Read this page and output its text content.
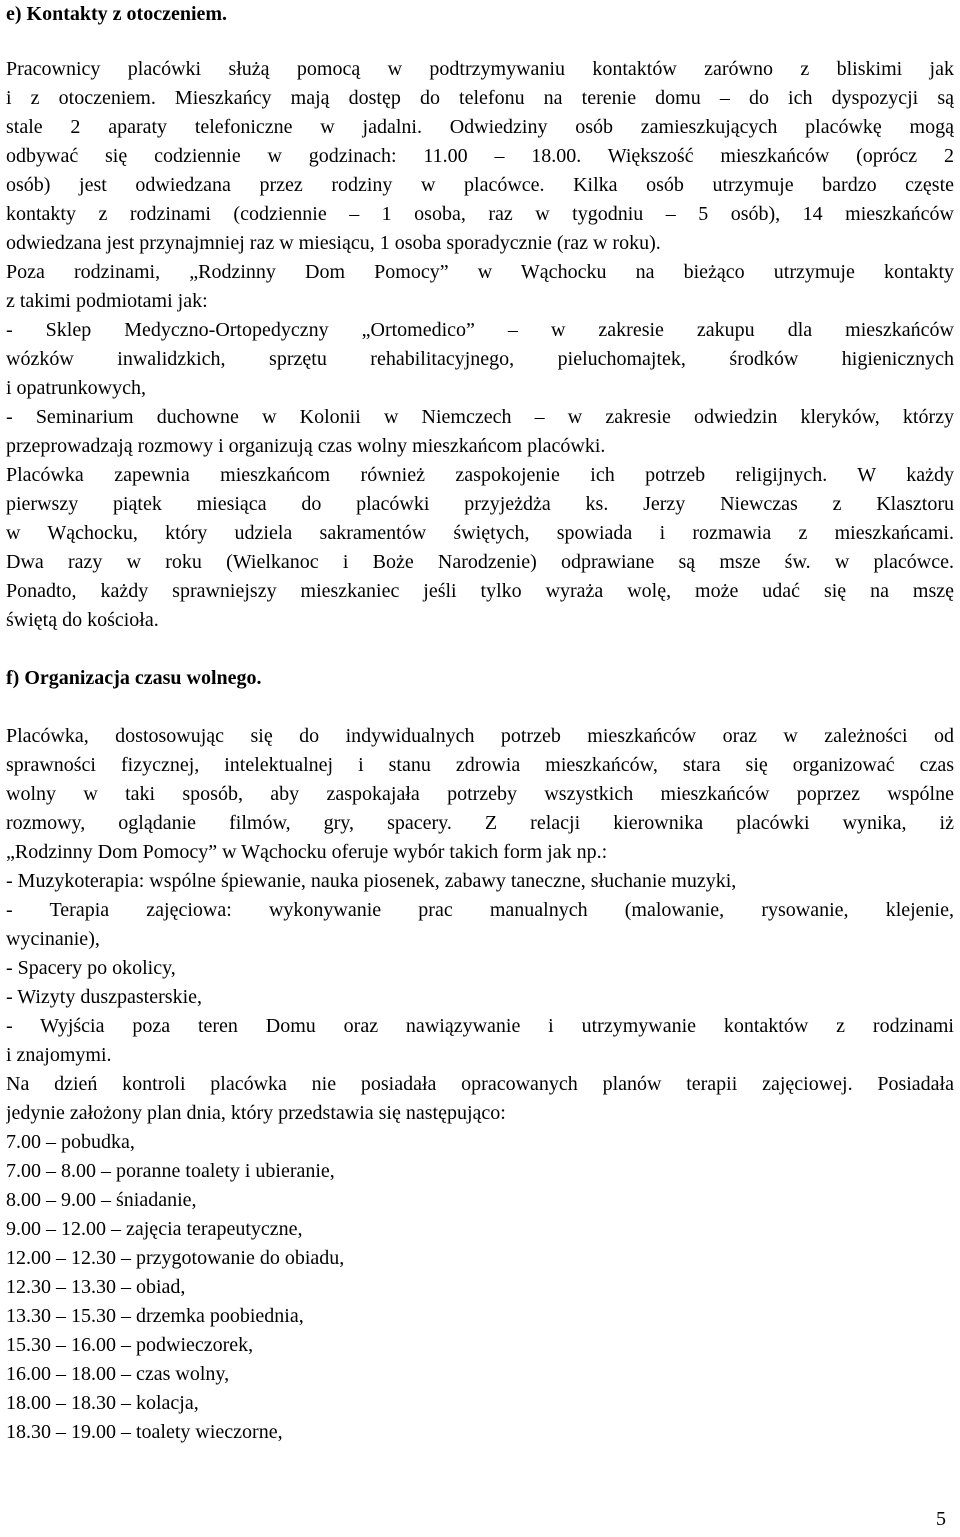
e) Kontakty z otoczeniem.
Pracownicy placówki służą pomocą w podtrzymywaniu kontaktów zarówno z bliskimi jak
i z otoczeniem. Mieszkańcy mają dostęp do telefonu na terenie domu – do ich dyspozycji są
stale 2 aparaty telefoniczne w jadalni. Odwiedziny osób zamieszkujących placówkę mogą
odbywać się codziennie w godzinach: 11.00 – 18.00. Większość mieszkańców (oprócz 2
osób) jest odwiedzana przez rodziny w placówce. Kilka osób utrzymuje bardzo częste
kontakty z rodzinami (codziennie – 1 osoba, raz w tygodniu – 5 osób), 14 mieszkańców
odwiedzana jest przynajmniej raz w miesiącu, 1 osoba sporadycznie (raz w roku).
Poza rodzinami, „Rodzinny Dom Pomocy” w Wąchocku na bieżąco utrzymuje kontakty
z takimi podmiotami jak:
- Sklep Medyczno-Ortopedyczny „Ortomedico” – w zakresie zakupu dla mieszkańców
wózków inwalidzkich, sprzętu rehabilitacyjnego, pieluchomajtek, środków higienicznych
i opatrunkowych,
- Seminarium duchowne w Kolonii w Niemczech – w zakresie odwiedzin kleryków, którzy
przeprowadzają rozmowy i organizują czas wolny mieszkańcom placówki.
Placówka zapewnia mieszkańcom również zaspokojenie ich potrzeb religijnych. W każdy
pierwszy piątek miesiąca do placówki przyjeżdża ks. Jerzy Niewczas z Klasztoru
w Wąchocku, który udziela sakramentów świętych, spowiada i rozmawia z mieszkańcami.
Dwa razy w roku (Wielkanoc i Boże Narodzenie) odprawiane są msze św. w placówce.
Ponadto, każdy sprawniejszy mieszkaniec jeśli tylko wyraża wolę, może udać się na mszę
świętą do kościoła.
f) Organizacja czasu wolnego.
Placówka, dostosowując się do indywidualnych potrzeb mieszkańców oraz w zależności od
sprawności fizycznej, intelektualnej i stanu zdrowia mieszkańców, stara się organizować czas
wolny w taki sposób, aby zaspokajała potrzeby wszystkich mieszkańców poprzez wspólne
rozmowy, oglądanie filmów, gry, spacery. Z relacji kierownika placówki wynika, iż
„Rodzinny Dom Pomocy” w Wąchocku oferuje wybór takich form jak np.:
- Muzykoterapia: wspólne śpiewanie, nauka piosenek, zabawy taneczne, słuchanie muzyki,
- Terapia zajęciowa: wykonywanie prac manualnych (malowanie, rysowanie, klejenie,
wycinanie),
- Spacery po okolicy,
- Wizyty duszpasterskie,
- Wyjścia poza teren Domu oraz nawiązywanie i utrzymywanie kontaktów z rodzinami
i znajomymi.
Na dzień kontroli placówka nie posiadała opracowanych planów terapii zajęciowej. Posiadała
jedynie założony plan dnia, który przedstawia się następująco:
7.00 – pobudka,
7.00 – 8.00 – poranne toalety i ubieranie,
8.00 – 9.00 – śniadanie,
9.00 – 12.00 – zajęcia terapeutyczne,
12.00 – 12.30 – przygotowanie do obiadu,
12.30 – 13.30 – obiad,
13.30 – 15.30 – drzemka poobiednia,
15.30 – 16.00 – podwieczorek,
16.00 – 18.00 – czas wolny,
18.00 – 18.30 – kolacja,
18.30 – 19.00 – toalety wieczorne,
5
